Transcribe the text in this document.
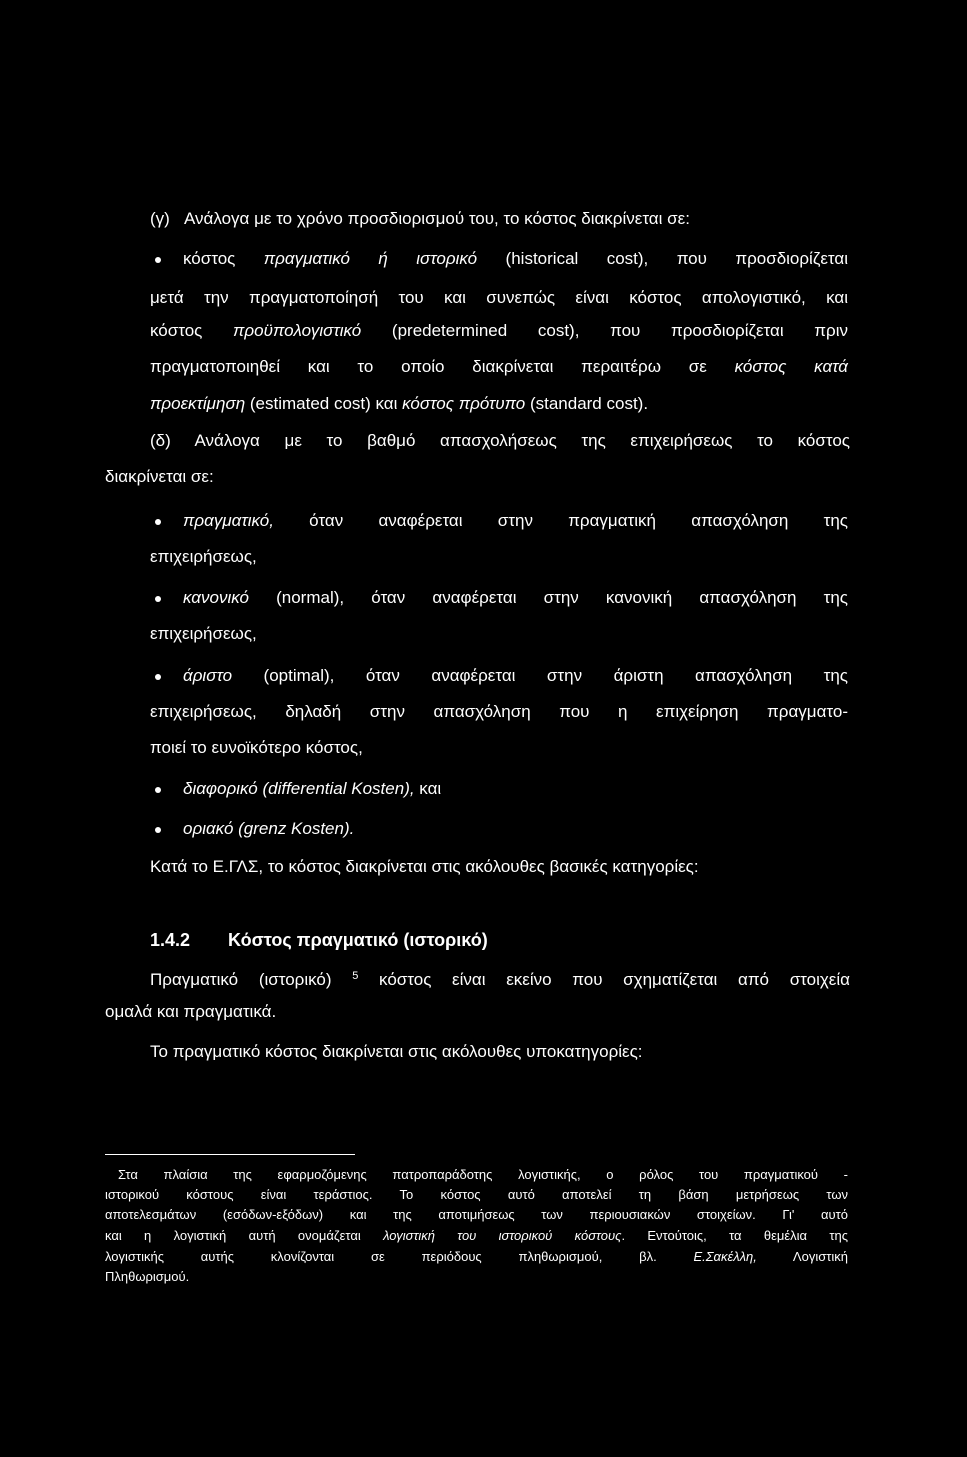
(γ) Ανάλογα με το χρόνο προσδιορισμού του, το κόστος διακρίνεται σε:
κόστος πραγματικό ή ιστορικό (historical cost), που προσδιορίζεται
μετά την πραγματοποίησή του και συνεπώς είναι κόστος απολογιστικό, και
κόστος προϋπολογιστικό (predetermined cost), που προσδιορίζεται πριν
πραγματοποιηθεί και το οποίο διακρίνεται περαιτέρω σε κόστος κατά
προεκτίμηση (estimated cost) και κόστος πρότυπο (standard cost).
(δ) Ανάλογα με το βαθμό απασχολήσεως της επιχειρήσεως το κόστος
διακρίνεται σε:
πραγματικό, όταν αναφέρεται στην πραγματική απασχόληση της
επιχειρήσεως,
κανονικό (normal), όταν αναφέρεται στην κανονική απασχόληση της
επιχειρήσεως,
άριστο (optimal), όταν αναφέρεται στην άριστη απασχόληση της
επιχειρήσεως, δηλαδή στην απασχόληση που η επιχείρηση πραγματο-
ποιεί το ευνοϊκότερο κόστος,
διαφορικό (differential Kosten), και
οριακό (grenz Kosten).
Κατά το Ε.ΓΛΣ, το κόστος διακρίνεται στις ακόλουθες βασικές κατηγορίες:
1.4.2 Κόστος πραγματικό (ιστορικό)
Πραγματικό (ιστορικό) $^5$ κόστος είναι εκείνο που σχηματίζεται από στοιχεία
ομαλά και πραγματικά.
Το πραγματικό κόστος διακρίνεται στις ακόλουθες υποκατηγορίες:
Στα πλαίσια της εφαρμοζόμενης πατροπαράδοτης λογιστικής, ο ρόλος του πραγματικού -
ιστορικού κόστους είναι τεράστιος. Το κόστος αυτό αποτελεί τη βάση μετρήσεως των
αποτελεσμάτων (εσόδων-εξόδων) και της αποτιμήσεως των περιουσιακών στοιχείων. Γι' αυτό
και η λογιστική αυτή ονομάζεται λογιστική του ιστορικού κόστους. Εντούτοις, τα θεμέλια της
λογιστικής αυτής κλονίζονται σε περιόδους πληθωρισμού, βλ. Ε.Σακέλλη, Λογιστική
Πληθωρισμού.
